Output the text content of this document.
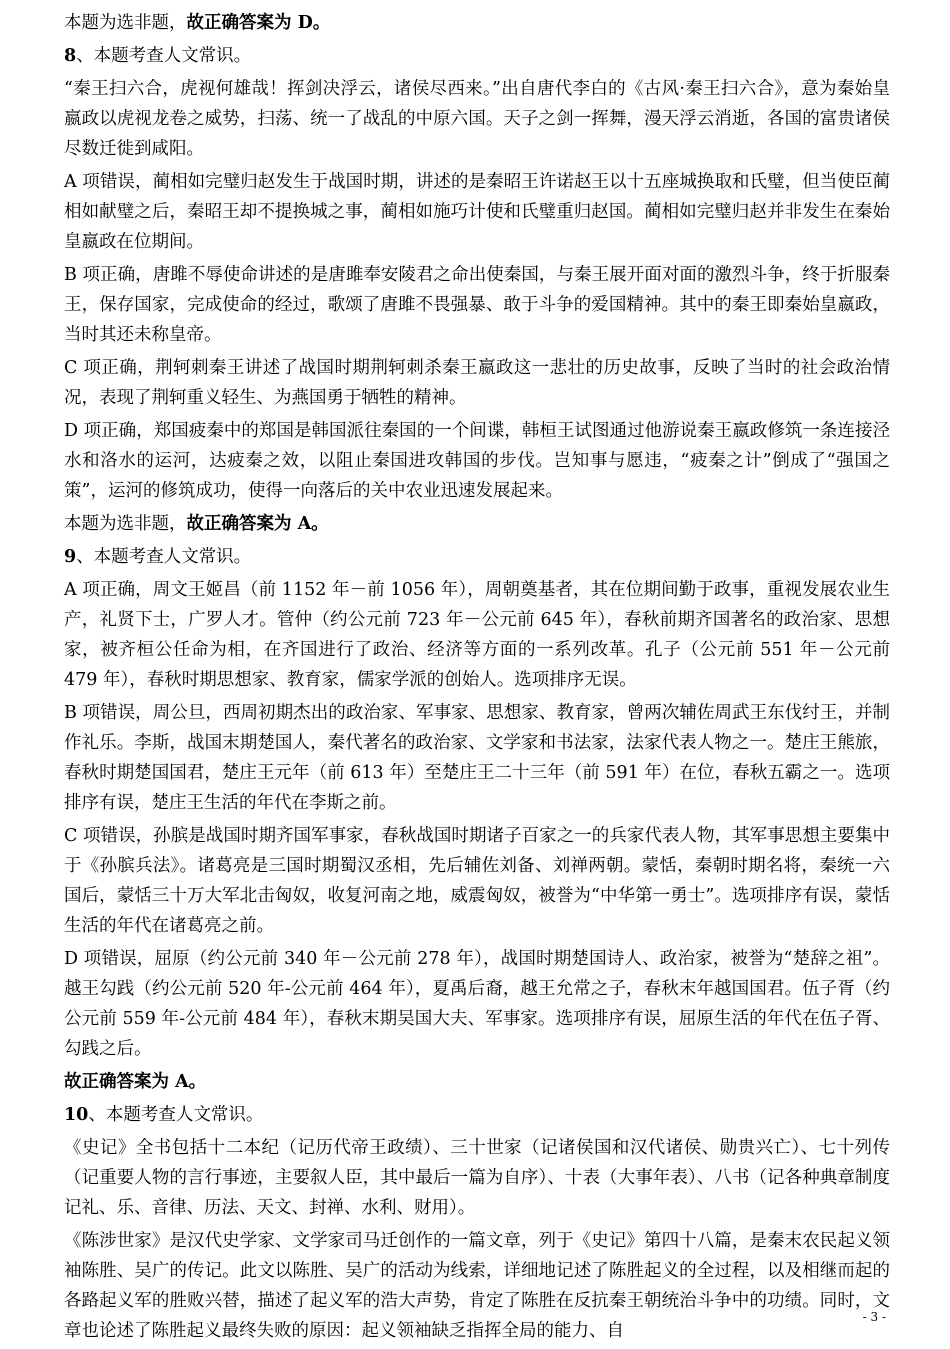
本题为选非题，故正确答案为 D。

8、本题考查人文常识。

“秦王扫六合，虎视何雄哉！挥剑决浮云，诸侯尽西来。”出自唐代李白的《古风·秦王扫六合》，意为秦始皇嬴政以虎视龙卷之威势，扫荡、统一了战乱的中原六国。天子之剑一挥舞，漫天浮云消逝，各国的富贵诸侯尽数迁徙到咸阳。

A 项错误，蔺相如完璧归赵发生于战国时期，讲述的是秦昭王许诺赵王以十五座城换取和氏璧，但当使臣蔺相如献璧之后，秦昭王却不提换城之事，蔺相如施巧计使和氏璧重归赵国。蔺相如完璧归赵并非发生在秦始皇嬴政在位期间。

B 项正确，唐雎不辱使命讲述的是唐雎奉安陵君之命出使秦国，与秦王展开面对面的激烈斗争，终于折服秦王，保存国家，完成使命的经过，歌颂了唐雎不畏强暴、敢于斗争的爱国精神。其中的秦王即秦始皇嬴政，当时其还未称皇帝。

C 项正确，荆轲刺秦王讲述了战国时期荆轲刺杀秦王嬴政这一悲壮的历史故事，反映了当时的社会政治情况，表现了荆轲重义轻生、为燕国勇于牺牲的精神。

D 项正确，郑国疲秦中的郑国是韩国派往秦国的一个间谍，韩桓王试图通过他游说秦王嬴政修筑一条连接泾水和洛水的运河，达疲秦之效，以阻止秦国进攻韩国的步伐。岂知事与愿违，“疲秦之计”倒成了“强国之策”，运河的修筑成功，使得一向落后的关中农业迅速发展起来。

本题为选非题，故正确答案为 A。

9、本题考查人文常识。

A 项正确，周文王姬昌（前 1152 年－前 1056 年），周朝奠基者，其在位期间勤于政事，重视发展农业生产，礼贤下士，广罗人才。管仲（约公元前 723 年－公元前 645 年），春秋前期齐国著名的政治家、思想家，被齐桓公任命为相，在齐国进行了政治、经济等方面的一系列改革。孔子（公元前 551 年－公元前 479 年），春秋时期思想家、教育家，儒家学派的创始人。选项排序无误。

B 项错误，周公旦，西周初期杰出的政治家、军事家、思想家、教育家，曾两次辅佐周武王东伐纣王，并制作礼乐。李斯，战国末期楚国人，秦代著名的政治家、文学家和书法家，法家代表人物之一。楚庄王熊旅，春秋时期楚国国君，楚庄王元年（前 613 年）至楚庄王二十三年（前 591 年）在位，春秋五霸之一。选项排序有误，楚庄王生活的年代在李斯之前。

C 项错误，孙膑是战国时期齐国军事家，春秋战国时期诸子百家之一的兵家代表人物，其军事思想主要集中于《孙膑兵法》。诸葛亮是三国时期蜀汉丞相，先后辅佐刘备、刘禅两朝。蒙恬，秦朝时期名将，秦统一六国后，蒙恬三十万大军北击匈奴，收复河南之地，威震匈奴，被誉为“中华第一勇士”。选项排序有误，蒙恬生活的年代在诸葛亮之前。

D 项错误，屈原（约公元前 340 年－公元前 278 年），战国时期楚国诗人、政治家，被誉为“楚辞之祖”。越王勾践（约公元前 520 年-公元前 464 年），夏禹后裔，越王允常之子，春秋末年越国国君。伍子胥（约公元前 559 年-公元前 484 年），春秋末期吴国大夫、军事家。选项排序有误，屈原生活的年代在伍子胥、勾践之后。

故正确答案为 A。

10、本题考查人文常识。

《史记》全书包括十二本纪（记历代帝王政绩）、三十世家（记诸侯国和汉代诸侯、勋贵兴亡）、七十列传（记重要人物的言行事迹，主要叙人臣，其中最后一篇为自序）、十表（大事年表）、八书（记各种典章制度记礼、乐、音律、历法、天文、封禅、水利、财用）。

《陈涉世家》是汉代史学家、文学家司马迁创作的一篇文章，列于《史记》第四十八篇，是秦末农民起义领袖陈胜、吴广的传记。此文以陈胜、吴广的活动为线索，详细地记述了陈胜起义的全过程，以及相继而起的各路起义军的胜败兴替，描述了起义军的浩大声势，肯定了陈胜在反抗秦王朝统治斗争中的功绩。同时，文章也论述了陈胜起义最终失败的原因：起义领袖缺乏指挥全局的能力、自

- 3 -
